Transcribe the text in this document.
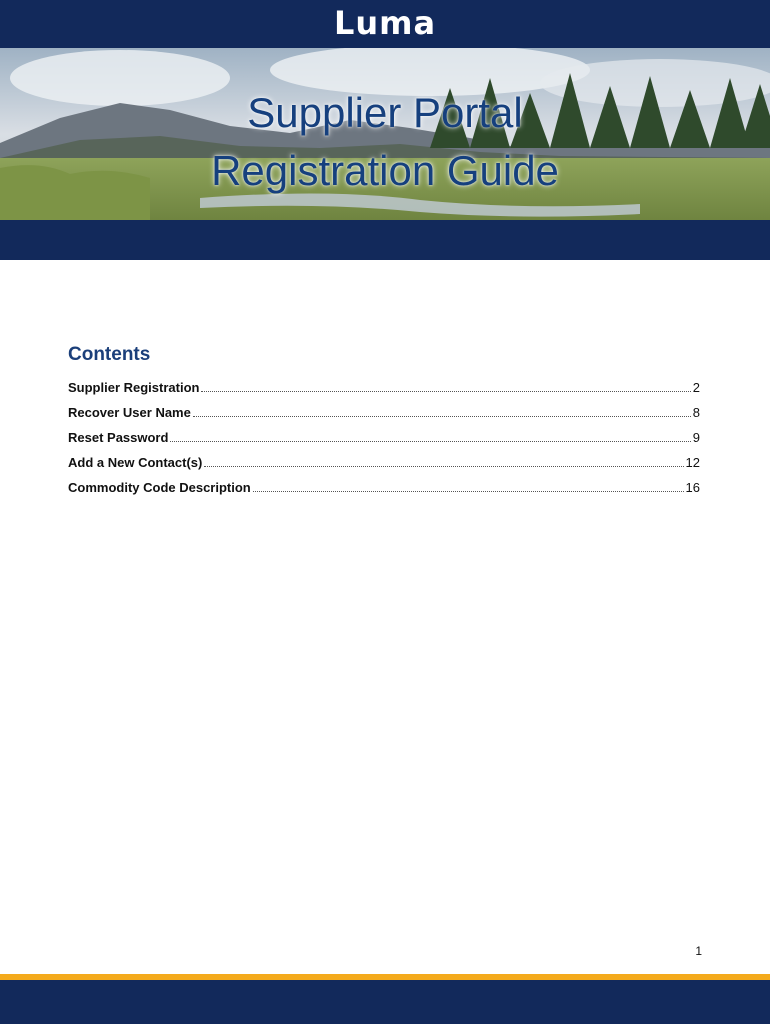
Luma
Supplier Portal
Registration Guide
Contents
Supplier Registration	2
Recover User Name	8
Reset Password	9
Add a New Contact(s)	12
Commodity Code Description	16
1
